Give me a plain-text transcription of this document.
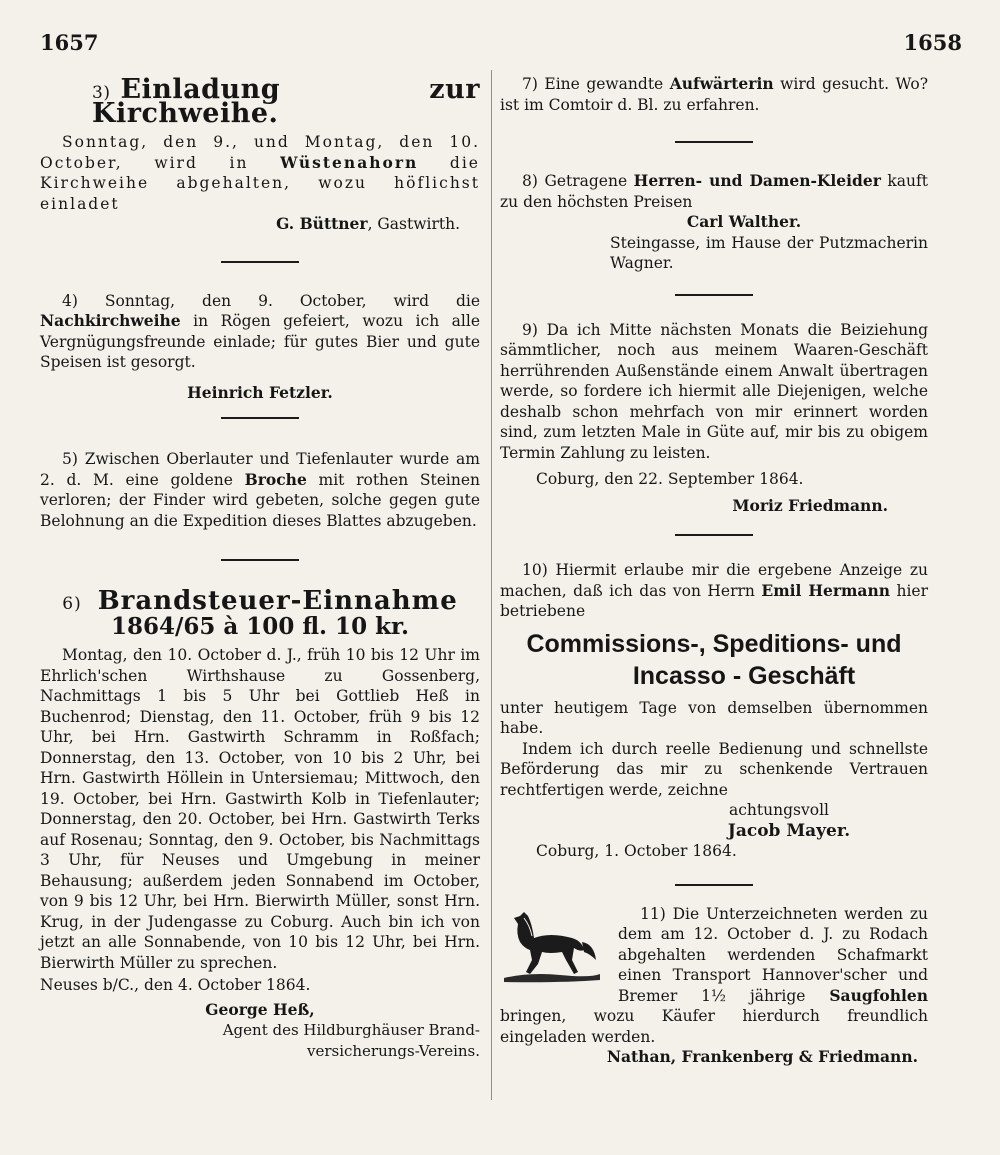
1657	1658
3) Einladung zur Kirchweihe.

Sonntag, den 9., und Montag, den 10. October, wird in Wüstenahorn die Kirchweihe abgehalten, wozu höflichst einladet

G. Büttner, Gastwirth.

4) Sonntag, den 9. October, wird die Nachkirchweihe in Rögen gefeiert, wozu ich alle Vergnügungsfreunde einlade; für gutes Bier und gute Speisen ist gesorgt.

Heinrich Fetzler.

5) Zwischen Oberlauter und Tiefenlauter wurde am 2. d. M. eine goldene Broche mit rothen Steinen verloren; der Finder wird gebeten, solche gegen gute Belohnung an die Expedition dieses Blattes abzugeben.

6) Brandsteuer-Einnahme
1864/65 à 100 fl. 10 kr.

Montag, den 10. October d. J., früh 10 bis 12 Uhr im Ehrlich'schen Wirthshause zu Gossenberg, Nachmittags 1 bis 5 Uhr bei Gottlieb Heß in Buchenrod; Dienstag, den 11. October, früh 9 bis 12 Uhr, bei Hrn. Gastwirth Schramm in Roßfach; Donnerstag, den 13. October, von 10 bis 2 Uhr, bei Hrn. Gastwirth Höllein in Untersiemau; Mittwoch, den 19. October, bei Hrn. Gastwirth Kolb in Tiefenlauter; Donnerstag, den 20. October, bei Hrn. Gastwirth Terks auf Rosenau; Sonntag, den 9. October, bis Nachmittags 3 Uhr, für Neuses und Umgebung in meiner Behausung; außerdem jeden Sonnabend im October, von 9 bis 12 Uhr, bei Hrn. Bierwirth Müller, sonst Hrn. Krug, in der Judengasse zu Coburg. Auch bin ich von jetzt an alle Sonnabende, von 10 bis 12 Uhr, bei Hrn. Bierwirth Müller zu sprechen.

Neuses b/C., den 4. October 1864.

George Heß,

Agent des Hildburghäuser Brand-

versicherungs-Vereins.

7) Eine gewandte Aufwärterin wird gesucht. Wo? ist im Comtoir d. Bl. zu erfahren.

8) Getragene Herren- und Damen-Kleider kauft zu den höchsten Preisen

Carl Walther.

Steingasse, im Hause der Putzmacherin Wagner.

9) Da ich Mitte nächsten Monats die Beiziehung sämmtlicher, noch aus meinem Waaren-Geschäft herrührenden Außenstände einem Anwalt übertragen werde, so fordere ich hiermit alle Diejenigen, welche deshalb schon mehrfach von mir erinnert worden sind, zum letzten Male in Güte auf, mir bis zu obigem Termin Zahlung zu leisten.

Coburg, den 22. September 1864.

Moriz Friedmann.

10) Hiermit erlaube mir die ergebene Anzeige zu machen, daß ich das von Herrn Emil Hermann hier betriebene

Commissions-, Speditions- und
Incasso - Geschäft

unter heutigem Tage von demselben übernommen habe.

Indem ich durch reelle Bedienung und schnellste Beförderung das mir zu schenkende Vertrauen rechtfertigen werde, zeichne

achtungsvoll

Jacob Mayer.

Coburg, 1. October 1864.

11) Die Unterzeichneten werden zu dem am 12. October d. J. zu Rodach abgehalten werdenden Schafmarkt einen Transport Hannover'scher und Bremer 1½ jährige Saugfohlen bringen, wozu Käufer hierdurch freundlich eingeladen werden.

Nathan, Frankenberg & Friedmann.
